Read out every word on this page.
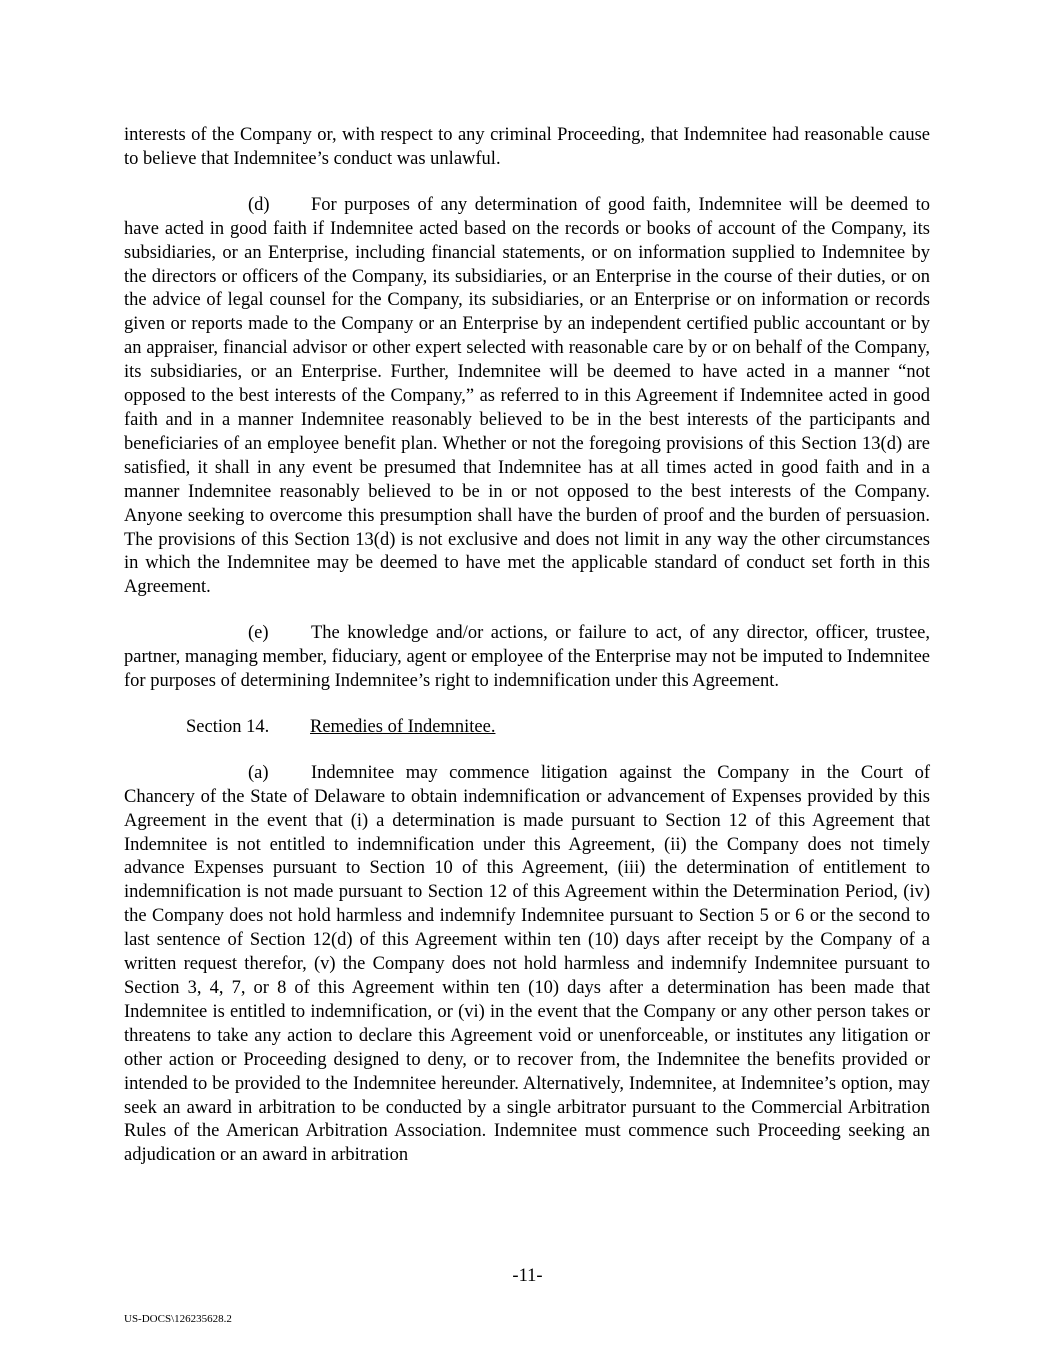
interests of the Company or, with respect to any criminal Proceeding, that Indemnitee had reasonable cause to believe that Indemnitee’s conduct was unlawful.

(d) For purposes of any determination of good faith, Indemnitee will be deemed to have acted in good faith if Indemnitee acted based on the records or books of account of the Company, its subsidiaries, or an Enterprise, including financial statements, or on information supplied to Indemnitee by the directors or officers of the Company, its subsidiaries, or an Enterprise in the course of their duties, or on the advice of legal counsel for the Company, its subsidiaries, or an Enterprise or on information or records given or reports made to the Company or an Enterprise by an independent certified public accountant or by an appraiser, financial advisor or other expert selected with reasonable care by or on behalf of the Company, its subsidiaries, or an Enterprise. Further, Indemnitee will be deemed to have acted in a manner “not opposed to the best interests of the Company,” as referred to in this Agreement if Indemnitee acted in good faith and in a manner Indemnitee reasonably believed to be in the best interests of the participants and beneficiaries of an employee benefit plan. Whether or not the foregoing provisions of this Section 13(d) are satisfied, it shall in any event be presumed that Indemnitee has at all times acted in good faith and in a manner Indemnitee reasonably believed to be in or not opposed to the best interests of the Company. Anyone seeking to overcome this presumption shall have the burden of proof and the burden of persuasion. The provisions of this Section 13(d) is not exclusive and does not limit in any way the other circumstances in which the Indemnitee may be deemed to have met the applicable standard of conduct set forth in this Agreement.

(e) The knowledge and/or actions, or failure to act, of any director, officer, trustee, partner, managing member, fiduciary, agent or employee of the Enterprise may not be imputed to Indemnitee for purposes of determining Indemnitee’s right to indemnification under this Agreement.

Section 14. Remedies of Indemnitee.

(a) Indemnitee may commence litigation against the Company in the Court of Chancery of the State of Delaware to obtain indemnification or advancement of Expenses provided by this Agreement in the event that (i) a determination is made pursuant to Section 12 of this Agreement that Indemnitee is not entitled to indemnification under this Agreement, (ii) the Company does not timely advance Expenses pursuant to Section 10 of this Agreement, (iii) the determination of entitlement to indemnification is not made pursuant to Section 12 of this Agreement within the Determination Period, (iv) the Company does not hold harmless and indemnify Indemnitee pursuant to Section 5 or 6 or the second to last sentence of Section 12(d) of this Agreement within ten (10) days after receipt by the Company of a written request therefor, (v) the Company does not hold harmless and indemnify Indemnitee pursuant to Section 3, 4, 7, or 8 of this Agreement within ten (10) days after a determination has been made that Indemnitee is entitled to indemnification, or (vi) in the event that the Company or any other person takes or threatens to take any action to declare this Agreement void or unenforceable, or institutes any litigation or other action or Proceeding designed to deny, or to recover from, the Indemnitee the benefits provided or intended to be provided to the Indemnitee hereunder. Alternatively, Indemnitee, at Indemnitee’s option, may seek an award in arbitration to be conducted by a single arbitrator pursuant to the Commercial Arbitration Rules of the American Arbitration Association. Indemnitee must commence such Proceeding seeking an adjudication or an award in arbitration

-11-
US-DOCS\126235628.2
